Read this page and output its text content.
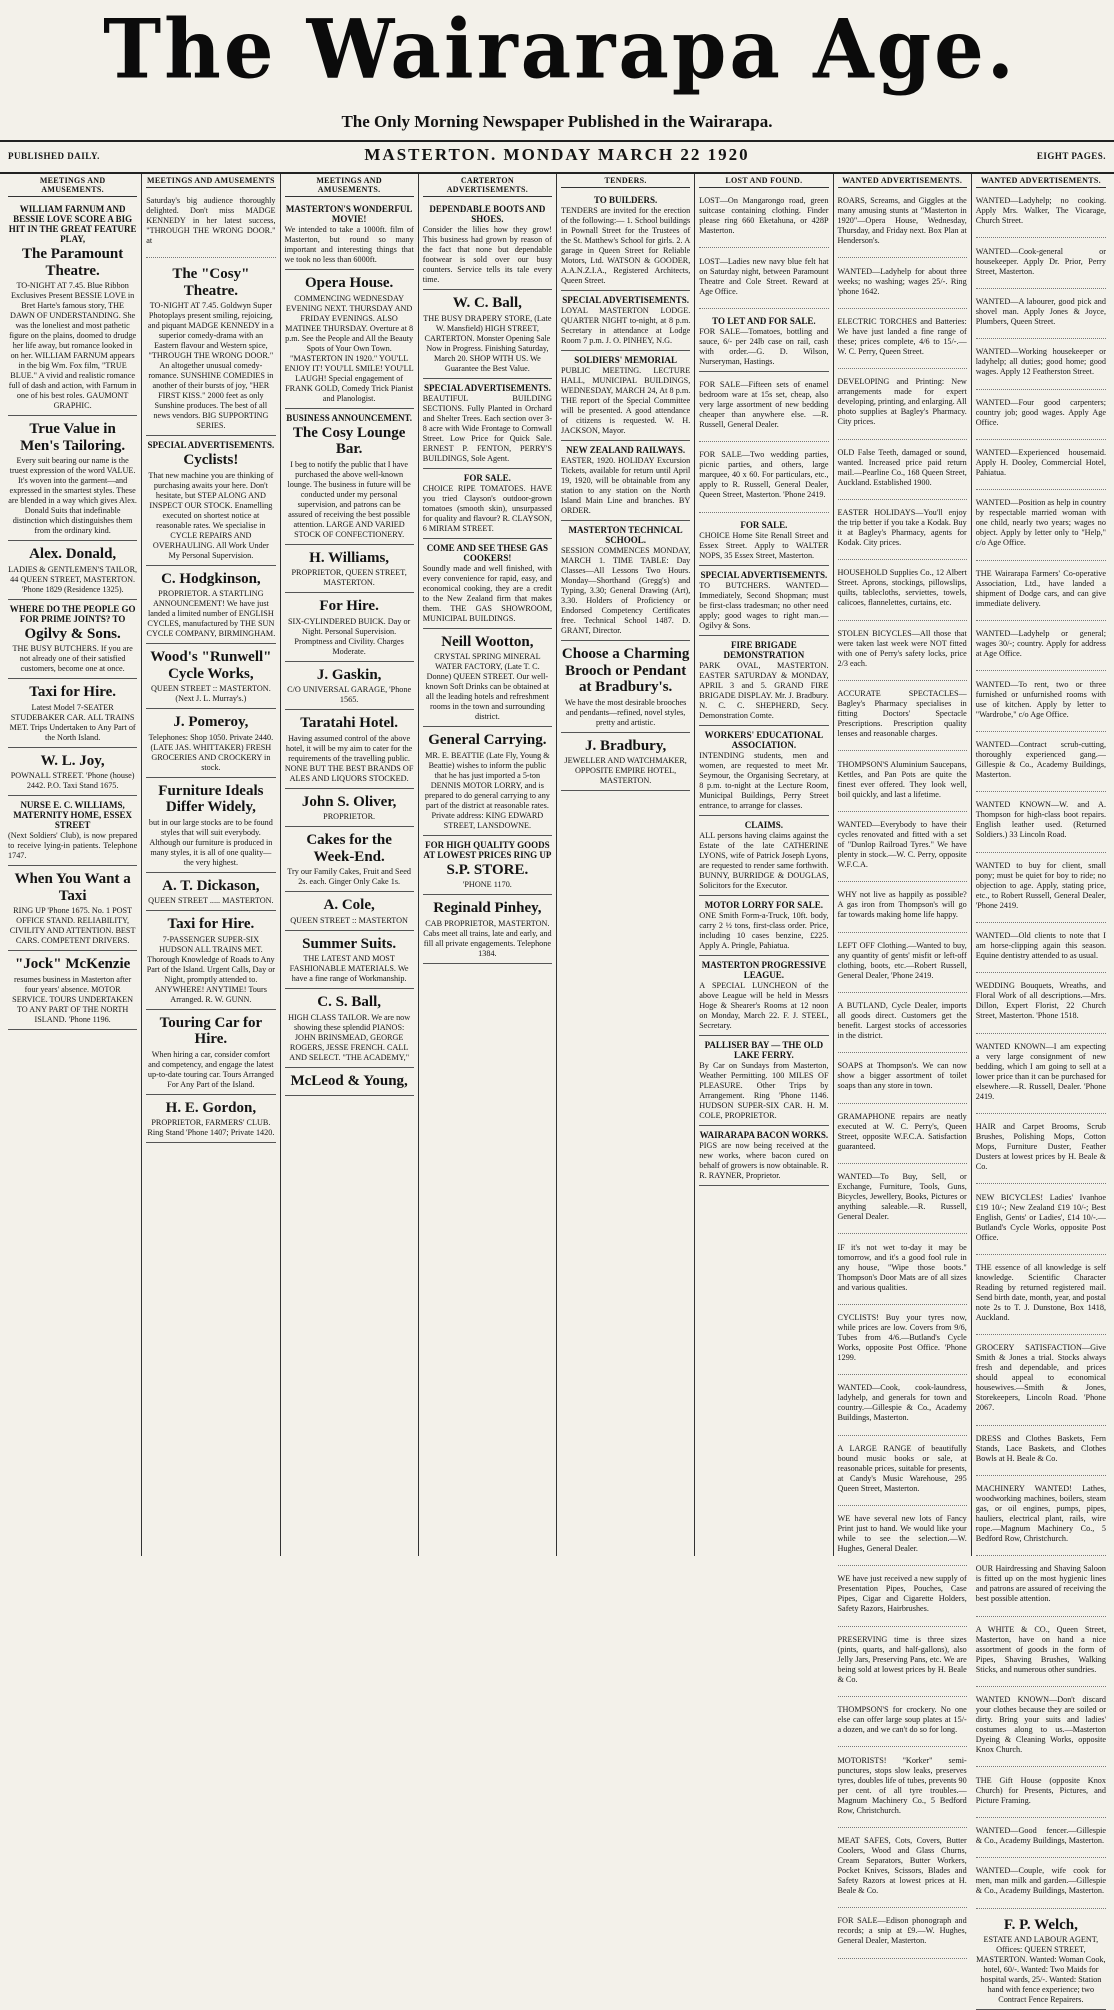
The Wairarapa Age.
The Only Morning Newspaper Published in the Wairarapa.
PUBLISHED DAILY.	MASTERTON. MONDAY MARCH 22 1920	EIGHT PAGES.
MEETINGS AND AMUSEMENTS.
WILLIAM FARNUM AND BESSIE LOVE SCORE A BIG HIT IN THE GREAT FEATURE PLAY,
The Paramount Theatre.

TO-NIGHT AT 7.45. Blue Ribbon Exclusives Present BESSIE LOVE in Bret Harte's famous story, THE DAWN OF UNDERSTANDING. She was the loneliest and most pathetic figure on the plains, doomed to drudge her life away, but romance looked in on her. WILLIAM FARNUM appears in the big Wm. Fox film, "TRUE BLUE." A vivid and realistic romance full of dash and action, with Farnum in one of his best roles. GAUMONT GRAPHIC.

True Value in Men's Tailoring.

Every suit bearing our name is the truest expression of the word VALUE. It's woven into the garment—and expressed in the smartest styles. These are blended in a way which gives Alex. Donald Suits that indefinable distinction which distinguishes them from the ordinary kind.

Alex. Donald,

LADIES & GENTLEMEN'S TAILOR, 44 QUEEN STREET, MASTERTON. 'Phone 1829 (Residence 1325).

WHERE DO THE PEOPLE GO FOR PRIME JOINTS? TO
Ogilvy & Sons.

THE BUSY BUTCHERS. If you are not already one of their satisfied customers, become one at once.

Taxi for Hire.

Latest Model 7-SEATER STUDEBAKER CAR. ALL TRAINS MET. Trips Undertaken to Any Part of the North Island.

W. L. Joy,

POWNALL STREET. 'Phone (house) 2442. P.O. Taxi Stand 1675.

NURSE E. C. WILLIAMS, MATERNITY HOME, ESSEX STREET

(Next Soldiers' Club), is now prepared to receive lying-in patients. Telephone 1747.

When You Want a Taxi

RING UP 'Phone 1675. No. 1 POST OFFICE STAND. RELIABILITY, CIVILITY AND ATTENTION. BEST CARS. COMPETENT DRIVERS.

"Jock" McKenzie

resumes business in Masterton after four years' absence. MOTOR SERVICE. TOURS UNDERTAKEN TO ANY PART OF THE NORTH ISLAND. 'Phone 1196.

MEETINGS AND AMUSEMENTS

Saturday's big audience thoroughly delighted. Don't miss MADGE KENNEDY in her latest success, "THROUGH THE WRONG DOOR." at

The "Cosy" Theatre.

TO-NIGHT AT 7.45. Goldwyn Super Photoplays present smiling, rejoicing, and piquant MADGE KENNEDY in a superior comedy-drama with an Eastern flavour and Western spice, "THROUGH THE WRONG DOOR." An altogether unusual comedy-romance. SUNSHINE COMEDIES in another of their bursts of joy, "HER FIRST KISS." 2000 feet as only Sunshine produces. The best of all news vendors. BIG SUPPORTING SERIES.

SPECIAL ADVERTISEMENTS.
Cyclists!

That new machine you are thinking of purchasing awaits your here. Don't hesitate, but STEP ALONG AND INSPECT OUR STOCK. Enamelling executed on shortest notice at reasonable rates. We specialise in CYCLE REPAIRS AND OVERHAULING. All Work Under My Personal Supervision.

C. Hodgkinson,

PROPRIETOR. A STARTLING ANNOUNCEMENT! We have just landed a limited number of ENGLISH CYCLES, manufactured by THE SUN CYCLE COMPANY, BIRMINGHAM.

Wood's "Runwell" Cycle Works,

QUEEN STREET :: MASTERTON. (Next J. L. Murray's.)

J. Pomeroy,

Telephones: Shop 1050. Private 2440. (LATE JAS. WHITTAKER) FRESH GROCERIES AND CROCKERY in stock.

Furniture Ideals Differ Widely,

but in our large stocks are to be found styles that will suit everybody. Although our furniture is produced in many styles, it is all of one quality—the very highest.

A. T. Dickason,

QUEEN STREET ..... MASTERTON.

Taxi for Hire.

7-PASSENGER SUPER-SIX HUDSON ALL TRAINS MET. Thorough Knowledge of Roads to Any Part of the Island. Urgent Calls, Day or Night, promptly attended to. ANYWHERE! ANYTIME! Tours Arranged. R. W. GUNN.

Touring Car for Hire.

When hiring a car, consider comfort and competency, and engage the latest up-to-date touring car. Tours Arranged For Any Part of the Island.

H. E. Gordon,

PROPRIETOR, FARMERS' CLUB. Ring Stand 'Phone 1407; Private 1420.

MEETINGS AND AMUSEMENTS.
MASTERTON'S WONDERFUL MOVIE!

We intended to take a 1000ft. film of Masterton, but round so many important and interesting things that we took no less than 6000ft.

Opera House.

COMMENCING WEDNESDAY EVENING NEXT. THURSDAY AND FRIDAY EVENINGS. ALSO MATINEE THURSDAY. Overture at 8 p.m. See the People and All the Beauty Spots of Your Own Town. "MASTERTON IN 1920." YOU'LL ENJOY IT! YOU'LL SMILE! YOU'LL LAUGH! Special engagement of FRANK GOLD, Comedy Trick Pianist and Planologist.

BUSINESS ANNOUNCEMENT.
The Cosy Lounge Bar.

I beg to notify the public that I have purchased the above well-known lounge. The business in future will be conducted under my personal supervision, and patrons can be assured of receiving the best possible attention. LARGE AND VARIED STOCK OF CONFECTIONERY.

H. Williams,

PROPRIETOR, QUEEN STREET, MASTERTON.

For Hire.

SIX-CYLINDERED BUICK. Day or Night. Personal Supervision. Promptness and Civility. Charges Moderate.

J. Gaskin,

C/O UNIVERSAL GARAGE, 'Phone 1565.

Taratahi Hotel.

Having assumed control of the above hotel, it will be my aim to cater for the requirements of the travelling public. NONE BUT THE BEST BRANDS OF ALES AND LIQUORS STOCKED.

John S. Oliver,

PROPRIETOR.

Cakes for the Week-End.

Try our Family Cakes, Fruit and Seed 2s. each. Ginger Only Cake 1s.

A. Cole,

QUEEN STREET :: MASTERTON

Summer Suits.

THE LATEST AND MOST FASHIONABLE MATERIALS. We have a fine range of Workmanship.

C. S. Ball,

HIGH CLASS TAILOR. We are now showing these splendid PIANOS: JOHN BRINSMEAD, GEORGE ROGERS, JESSE FRENCH. CALL AND SELECT. "THE ACADEMY,"

McLeod & Young,
CARTERTON ADVERTISEMENTS.
DEPENDABLE BOOTS AND SHOES.

Consider the lilies how they grow! This business had grown by reason of the fact that none but dependable footwear is sold over our busy counters. Service tells its tale every time.

W. C. Ball,

THE BUSY DRAPERY STORE, (Late W. Mansfield) HIGH STREET, CARTERTON. Monster Opening Sale Now in Progress. Finishing Saturday, March 20. SHOP WITH US. We Guarantee the Best Value.

SPECIAL ADVERTISEMENTS.

BEAUTIFUL BUILDING SECTIONS. Fully Planted in Orchard and Shelter Trees. Each section over 3-8 acre with Wide Frontage to Cornwall Street. Low Price for Quick Sale. ERNEST P. FENTON, PERRY'S BUILDINGS, Sole Agent.

FOR SALE.

CHOICE RIPE TOMATOES. HAVE you tried Clayson's outdoor-grown tomatoes (smooth skin), unsurpassed for quality and flavour? R. CLAYSON, 6 MIRIAM STREET.

COME AND SEE THESE GAS COOKERS!

Soundly made and well finished, with every convenience for rapid, easy, and economical cooking, they are a credit to the New Zealand firm that makes them. THE GAS SHOWROOM, MUNICIPAL BUILDINGS.

Neill Wootton,

CRYSTAL SPRING MINERAL WATER FACTORY, (Late T. C. Donne) QUEEN STREET. Our well-known Soft Drinks can be obtained at all the leading hotels and refreshment rooms in the town and surrounding district.

General Carrying.

MR. E. BEATTIE (Late Fly, Young & Beattie) wishes to inform the public that he has just imported a 5-ton DENNIS MOTOR LORRY, and is prepared to do general carrying to any part of the district at reasonable rates. Private address: KING EDWARD STREET, LANSDOWNE.

FOR HIGH QUALITY GOODS AT LOWEST PRICES RING UP
S.P. STORE.

'PHONE 1170.

Reginald Pinhey,

CAB PROPRIETOR, MASTERTON. Cabs meet all trains, late and early, and fill all private engagements. Telephone 1384.

TENDERS.
TO BUILDERS.

TENDERS are invited for the erection of the following:— 1. School buildings in Pownall Street for the Trustees of the St. Matthew's School for girls. 2. A garage in Queen Street for Reliable Motors, Ltd. WATSON & GOODER, A.A.N.Z.I.A., Registered Architects, Queen Street.

SPECIAL ADVERTISEMENTS.

LOYAL MASTERTON LODGE. QUARTER NIGHT to-night, at 8 p.m. Secretary in attendance at Lodge Room 7 p.m. J. O. PINHEY, N.G.

SOLDIERS' MEMORIAL

PUBLIC MEETING. LECTURE HALL, MUNICIPAL BUILDINGS, WEDNESDAY, MARCH 24, At 8 p.m. THE report of the Special Committee will be presented. A good attendance of citizens is requested. W. H. JACKSON, Mayor.

NEW ZEALAND RAILWAYS.

EASTER, 1920. HOLIDAY Excursion Tickets, available for return until April 19, 1920, will be obtainable from any station to any station on the North Island Main Line and branches. BY ORDER.

MASTERTON TECHNICAL SCHOOL.

SESSION COMMENCES MONDAY, MARCH 1. TIME TABLE: Day Classes—All Lessons Two Hours. Monday—Shorthand (Gregg's) and Typing, 3.30; General Drawing (Art), 3.30. Holders of Proficiency or Endorsed Competency Certificates free. Technical School 1487. D. GRANT, Director.

Choose a Charming Brooch or Pendant at Bradbury's.

We have the most desirable brooches and pendants—refined, novel styles, pretty and artistic.

J. Bradbury,

JEWELLER AND WATCHMAKER, OPPOSITE EMPIRE HOTEL, MASTERTON.

LOST AND FOUND.

LOST—On Mangarongo road, green suitcase containing clothing. Finder please ring 660 Eketahuna, or 428P Masterton.

LOST—Ladies new navy blue felt hat on Saturday night, between Paramount Theatre and Cole Street. Reward at Age Office.

TO LET AND FOR SALE.

FOR SALE—Tomatoes, bottling and sauce, 6/- per 24lb case on rail, cash with order.—G. D. Wilson, Nurseryman, Hastings.

FOR SALE—Fifteen sets of enamel bedroom ware at 15s set, cheap, also very large assortment of new bedding cheaper than anywhere else. —R. Russell, General Dealer.

FOR SALE—Two wedding parties, picnic parties, and others, large marquee, 40 x 60. For particulars, etc., apply to R. Russell, General Dealer, Queen Street, Masterton. 'Phone 2419.

FOR SALE.

CHOICE Home Site Renall Street and Essex Street. Apply to WALTER NOPS, 35 Essex Street, Masterton.

SPECIAL ADVERTISEMENTS.

TO BUTCHERS. WANTED—Immediately, Second Shopman; must be first-class tradesman; no other need apply; good wages to right man.—Ogilvy & Sons.

FIRE BRIGADE DEMONSTRATION

PARK OVAL, MASTERTON. EASTER SATURDAY & MONDAY, APRIL 3 and 5. GRAND FIRE BRIGADE DISPLAY. Mr. J. Bradbury. N. C. C. SHEPHERD, Secy. Demonstration Comte.

WORKERS' EDUCATIONAL ASSOCIATION.

INTENDING students, men and women, are requested to meet Mr. Seymour, the Organising Secretary, at 8 p.m. to-night at the Lecture Room, Municipal Buildings, Perry Street entrance, to arrange for classes.

CLAIMS.

ALL persons having claims against the Estate of the late CATHERINE LYONS, wife of Patrick Joseph Lyons, are requested to render same forthwith. BUNNY, BURRIDGE & DOUGLAS, Solicitors for the Executor.

MOTOR LORRY FOR SALE.

ONE Smith Form-a-Truck, 10ft. body, carry 2 ½ tons, first-class order. Price, including 10 cases benzine, £225. Apply A. Pringle, Pahiatua.

MASTERTON PROGRESSIVE LEAGUE.

A SPECIAL LUNCHEON of the above League will be held in Messrs Hoge & Shearer's Rooms at 12 noon on Monday, March 22. F. J. STEEL, Secretary.

PALLISER BAY — THE OLD LAKE FERRY.

By Car on Sundays from Masterton, Weather Permitting. 100 MILES OF PLEASURE. Other Trips by Arrangement. Ring 'Phone 1146. HUDSON SUPER-SIX CAR. H. M. COLE, PROPRIETOR.

WAIRARAPA BACON WORKS.

PIGS are now being received at the new works, where bacon cured on behalf of growers is now obtainable. R. R. RAYNER, Proprietor.

WANTED ADVERTISEMENTS.

ROARS, Screams, and Giggles at the many amusing stunts at "Masterton in 1920"—Opera House, Wednesday, Thursday, and Friday next. Box Plan at Henderson's.

WANTED—Ladyhelp for about three weeks; no washing; wages 25/-. Ring 'phone 1642.

ELECTRIC TORCHES and Batteries: We have just landed a fine range of these; prices complete, 4/6 to 15/-.—W. C. Perry, Queen Street.

DEVELOPING and Printing: New arrangements made for expert developing, printing, and enlarging. All photo supplies at Bagley's Pharmacy. City prices.

OLD False Teeth, damaged or sound, wanted. Increased price paid return mail.—Pearline Co., 168 Queen Street, Auckland. Established 1900.

EASTER HOLIDAYS—You'll enjoy the trip better if you take a Kodak. Buy it at Bagley's Pharmacy, agents for Kodak. City prices.

HOUSEHOLD Supplies Co., 12 Albert Street. Aprons, stockings, pillowslips, quilts, tablecloths, serviettes, towels, calicoes, flannelettes, curtains, etc.

STOLEN BICYCLES—All those that were taken last week were NOT fitted with one of Perry's safety locks, price 2/3 each.

ACCURATE SPECTACLES—Bagley's Pharmacy specialises in fitting Doctors' Spectacle Prescriptions. Prescription quality lenses and reasonable charges.

THOMPSON'S Aluminium Saucepans, Kettles, and Pan Pots are quite the finest ever offered. They look well, boil quickly, and last a lifetime.

WANTED—Everybody to have their cycles renovated and fitted with a set of "Dunlop Railroad Tyres." We have plenty in stock.—W. C. Perry, opposite W.F.C.A.

WHY not live as happily as possible? A gas iron from Thompson's will go far towards making home life happy.

LEFT OFF Clothing.—Wanted to buy, any quantity of gents' misfit or left-off clothing, boots, etc.—Robert Russell, General Dealer, 'Phone 2419.

A BUTLAND, Cycle Dealer, imports all goods direct. Customers get the benefit. Largest stocks of accessories in the district.

SOAPS at Thompson's. We can now show a bigger assortment of toilet soaps than any store in town.

GRAMAPHONE repairs are neatly executed at W. C. Perry's, Queen Street, opposite W.F.C.A. Satisfaction guaranteed.

WANTED—To Buy, Sell, or Exchange, Furniture, Tools, Guns, Bicycles, Jewellery, Books, Pictures or anything saleable.—R. Russell, General Dealer.

IF it's not wet to-day it may be tomorrow, and it's a good fool rule in any house, "Wipe those boots." Thompson's Door Mats are of all sizes and various qualities.

CYCLISTS! Buy your tyres now, while prices are low. Covers from 9/6, Tubes from 4/6.—Butland's Cycle Works, opposite Post Office. 'Phone 1299.

WANTED—Cook, cook-laundress, ladyhelp, and generals for town and country.—Gillespie & Co., Academy Buildings, Masterton.

A LARGE RANGE of beautifully bound music books or sale, at reasonable prices, suitable for presents, at Candy's Music Warehouse, 295 Queen Street, Masterton.

WE have several new lots of Fancy Print just to hand. We would like your while to see the selection.—W. Hughes, General Dealer.

WE have just received a new supply of Presentation Pipes, Pouches, Case Pipes, Cigar and Cigarette Holders, Safety Razors, Hairbrushes.

PRESERVING time is three sizes (pints, quarts, and half-gallons), also Jelly Jars, Preserving Pans, etc. We are being sold at lowest prices by H. Beale & Co.

THOMPSON'S for crockery. No one else can offer large soup plates at 15/- a dozen, and we can't do so for long.

MOTORISTS! "Korker" semi-punctures, stops slow leaks, preserves tyres, doubles life of tubes, prevents 90 per cent. of all tyre troubles.—Magnum Machinery Co., 5 Bedford Row, Christchurch.

MEAT SAFES, Cots, Covers, Butter Coolers, Wood and Glass Churns, Cream Separators, Butter Workers, Pocket Knives, Scissors, Blades and Safety Razors at lowest prices at H. Beale & Co.

FOR SALE—Edison phonograph and records; a snip at £9.—W. Hughes, General Dealer, Masterton.

WANTED ADVERTISEMENTS.

WANTED—Ladyhelp; no cooking. Apply Mrs. Walker, The Vicarage, Church Street.

WANTED—Cook-general or housekeeper. Apply Dr. Prior, Perry Street, Masterton.

WANTED—A labourer, good pick and shovel man. Apply Jones & Joyce, Plumbers, Queen Street.

WANTED—Working housekeeper or ladyhelp; all duties; good home; good wages. Apply 12 Featherston Street.

WANTED—Four good carpenters; country job; good wages. Apply Age Office.

WANTED—Experienced housemaid. Apply H. Dooley, Commercial Hotel, Pahiatua.

WANTED—Position as help in country by respectable married woman with one child, nearly two years; wages no object. Apply by letter only to "Help," c/o Age Office.

THE Wairarapa Farmers' Co-operative Association, Ltd., have landed a shipment of Dodge cars, and can give immediate delivery.

WANTED—Ladyhelp or general; wages 30/-; country. Apply for address at Age Office.

WANTED—To rent, two or three furnished or unfurnished rooms with use of kitchen. Apply by letter to "Wardrobe," c/o Age Office.

WANTED—Contract scrub-cutting, thoroughly experienced gang.—Gillespie & Co., Academy Buildings, Masterton.

WANTED KNOWN—W. and A. Thompson for high-class boot repairs. English leather used. (Returned Soldiers.) 33 Lincoln Road.

WANTED to buy for client, small pony; must be quiet for boy to ride; no objection to age. Apply, stating price, etc., to Robert Russell, General Dealer, 'Phone 2419.

WANTED—Old clients to note that I am horse-clipping again this season. Equine dentistry attended to as usual.

WEDDING Bouquets, Wreaths, and Floral Work of all descriptions.—Mrs. Dillon, Expert Florist, 22 Church Street, Masterton. 'Phone 1518.

WANTED KNOWN—I am expecting a very large consignment of new bedding, which I am going to sell at a lower price than it can be purchased for elsewhere.—R. Russell, Dealer. 'Phone 2419.

HAIR and Carpet Brooms, Scrub Brushes, Polishing Mops, Cotton Mops, Furniture Duster, Feather Dusters at lowest prices by H. Beale & Co.

NEW BICYCLES! Ladies' Ivanhoe £19 10/-; New Zealand £19 10/-; Best English, Gents' or Ladies', £14 10/-.—Butland's Cycle Works, opposite Post Office.

THE essence of all knowledge is self knowledge. Scientific Character Reading by returned registered mail. Send birth date, month, year, and postal note 2s to T. J. Dunstone, Box 1418, Auckland.

GROCERY SATISFACTION—Give Smith & Jones a trial. Stocks always fresh and dependable, and prices should appeal to economical housewives.—Smith & Jones, Storekeepers, Lincoln Road. 'Phone 2067.

DRESS and Clothes Baskets, Fern Stands, Lace Baskets, and Clothes Bowls at H. Beale & Co.

MACHINERY WANTED! Lathes, woodworking machines, boilers, steam gas, or oil engines, pumps, pipes, hauliers, electrical plant, rails, wire rope.—Magnum Machinery Co., 5 Bedford Row, Christchurch.

OUR Hairdressing and Shaving Saloon is fitted up on the most hygienic lines and patrons are assured of receiving the best possible attention.

A WHITE & CO., Queen Street, Masterton, have on hand a nice assortment of goods in the form of Pipes, Shaving Brushes, Walking Sticks, and numerous other sundries.

WANTED KNOWN—Don't discard your clothes because they are soiled or dirty. Bring your suits and ladies' costumes along to us.—Masterton Dyeing & Cleaning Works, opposite Knox Church.

THE Gift House (opposite Knox Church) for Presents, Pictures, and Picture Framing.

WANTED—Good fencer.—Gillespie & Co., Academy Buildings, Masterton.

WANTED—Couple, wife cook for men, man milk and garden.—Gillespie & Co., Academy Buildings, Masterton.

F. P. Welch,

ESTATE AND LABOUR AGENT, Offices: QUEEN STREET, MASTERTON. Wanted: Woman Cook, hotel, 60/-. Wanted: Two Maids for hospital wards, 25/-. Wanted: Station hand with fence experience; two Contract Fence Repairers.
